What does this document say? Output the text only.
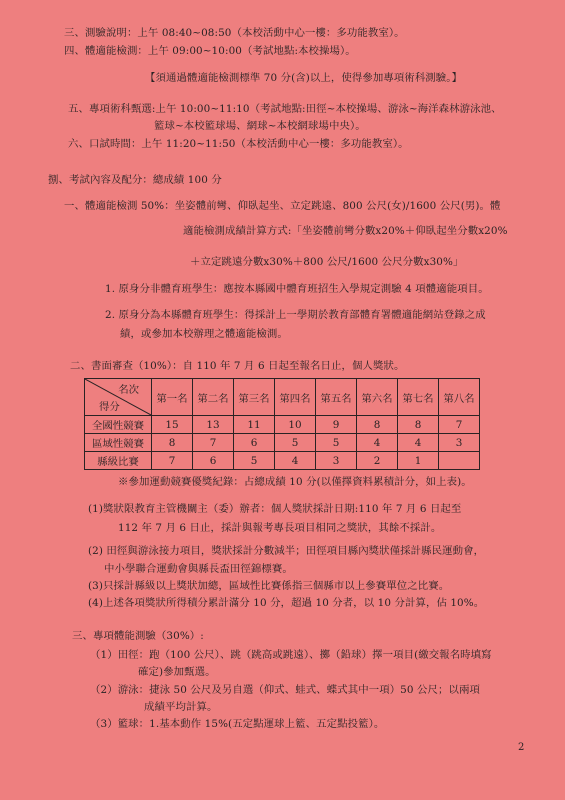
三、測驗說明：上午 08:40~08:50（本校活動中心一樓：多功能教室）。
四、體適能檢測：上午 09:00~10:00（考試地點:本校操場）。
【須通過體適能檢測標準 70 分(含)以上，使得參加專項術科測驗。】
五、專項術科甄選:上午 10:00~11:10（考試地點:田徑~本校操場、游泳~海洋森林游泳池、
籃球~本校籃球場、網球~本校網球場中央）。
六、口試時間：上午 11:20~11:50（本校活動中心一樓：多功能教室）。
捌、考試內容及配分：總成績 100 分
一、體適能檢測 50%：坐姿體前彎、仰臥起坐、立定跳遠、800 公尺(女)/1600 公尺(男)。體
適能檢測成績計算方式:「坐姿體前彎分數x20%＋仰臥起坐分數x20%
＋立定跳遠分數x30%＋800 公尺/1600 公尺分數x30%」
1. 原身分非體育班學生：應按本縣國中體育班招生入學規定測驗 4 項體適能項目。
2. 原身分為本縣體育班學生：得採計上一學期於教育部體育署體適能網站登錄之成
績，或參加本校辦理之體適能檢測。
二、書面審查（10%）：自 110 年 7 月 6 日起至報名日止，個人獎狀。
名次
得分	第一名	第二名	第三名	第四名	第五名	第六名	第七名	第八名
全國性競賽	15	13	11	10	9	8	8	7
區域性競賽	8	7	6	5	5	4	4	3
縣級比賽	7	6	5	4	3	2	1	
※參加運動競賽優獎紀錄：占總成績 10 分(以僅擇資料累積計分，如上表)。
(1)獎狀限教育主管機關主（委）辦者：個人獎狀採計日期:110 年 7 月 6 日起至
112 年 7 月 6 日止，採計與報考專長項目相同之獎狀，其餘不採計。
(2) 田徑與游泳接力項目，獎狀採計分數減半；田徑項目縣內獎狀僅採計縣民運動會，
中小學聯合運動會與縣長盃田徑錦標賽。
(3)只採計縣級以上獎狀加總，區域性比賽係指三個縣市以上參賽單位之比賽。
(4)上述各項獎狀所得積分累計滿分 10 分，超過 10 分者，以 10 分計算，佔 10%。
三、專項體能測驗（30%）:
（1）田徑：跑（100 公尺）、跳（跳高或跳遠）、擲（鉛球）擇一項目(繳交報名時填寫
確定)參加甄選。
（2）游泳：捷泳 50 公尺及另自選（仰式、蛙式、蝶式其中一項）50 公尺；以兩項
成績平均計算。
（3）籃球：1.基本動作 15%(五定點運球上籃、五定點投籃）。
2
